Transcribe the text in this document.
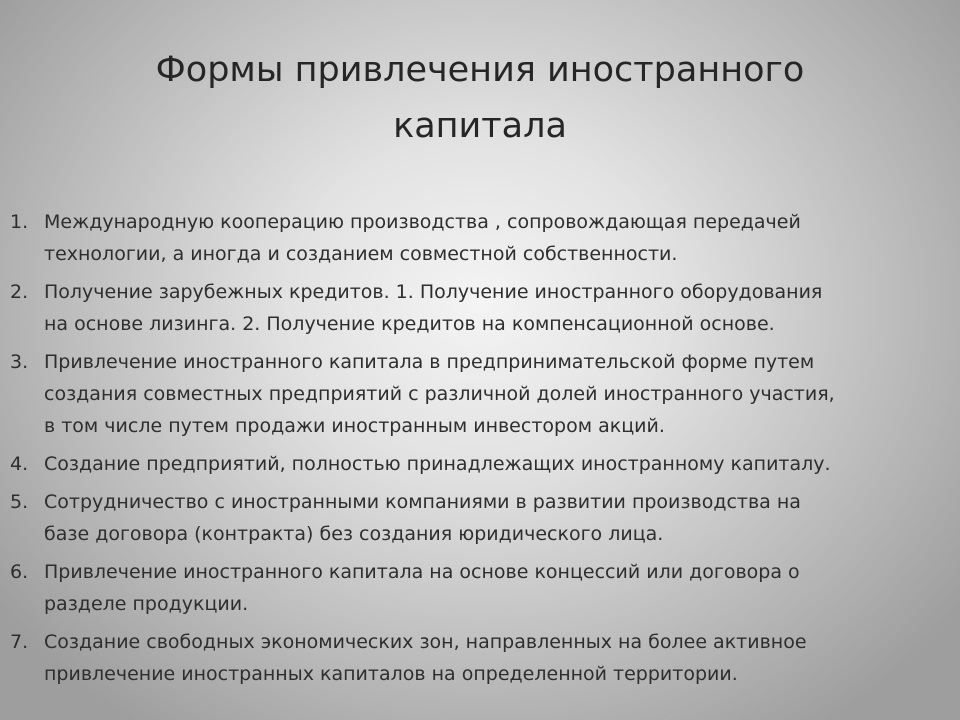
Формы привлечения иностранного
капитала
1. Международную кооперацию производства , сопровождающая передачей
технологии, а иногда и созданием совместной собственности.
2. Получение зарубежных кредитов. 1. Получение иностранного оборудования
на основе лизинга. 2. Получение кредитов на компенсационной основе.
3. Привлечение иностранного капитала в предпринимательской форме путем
создания совместных предприятий с различной долей иностранного участия,
в том числе путем продажи иностранным инвестором акций.
4. Создание предприятий, полностью принадлежащих иностранному капиталу.
5. Сотрудничество с иностранными компаниями в развитии производства на
базе договора (контракта) без создания юридического лица.
6. Привлечение иностранного капитала на основе концессий или договора о
разделе продукции.
7. Создание свободных экономических зон, направленных на более активное
привлечение иностранных капиталов на определенной территории.
